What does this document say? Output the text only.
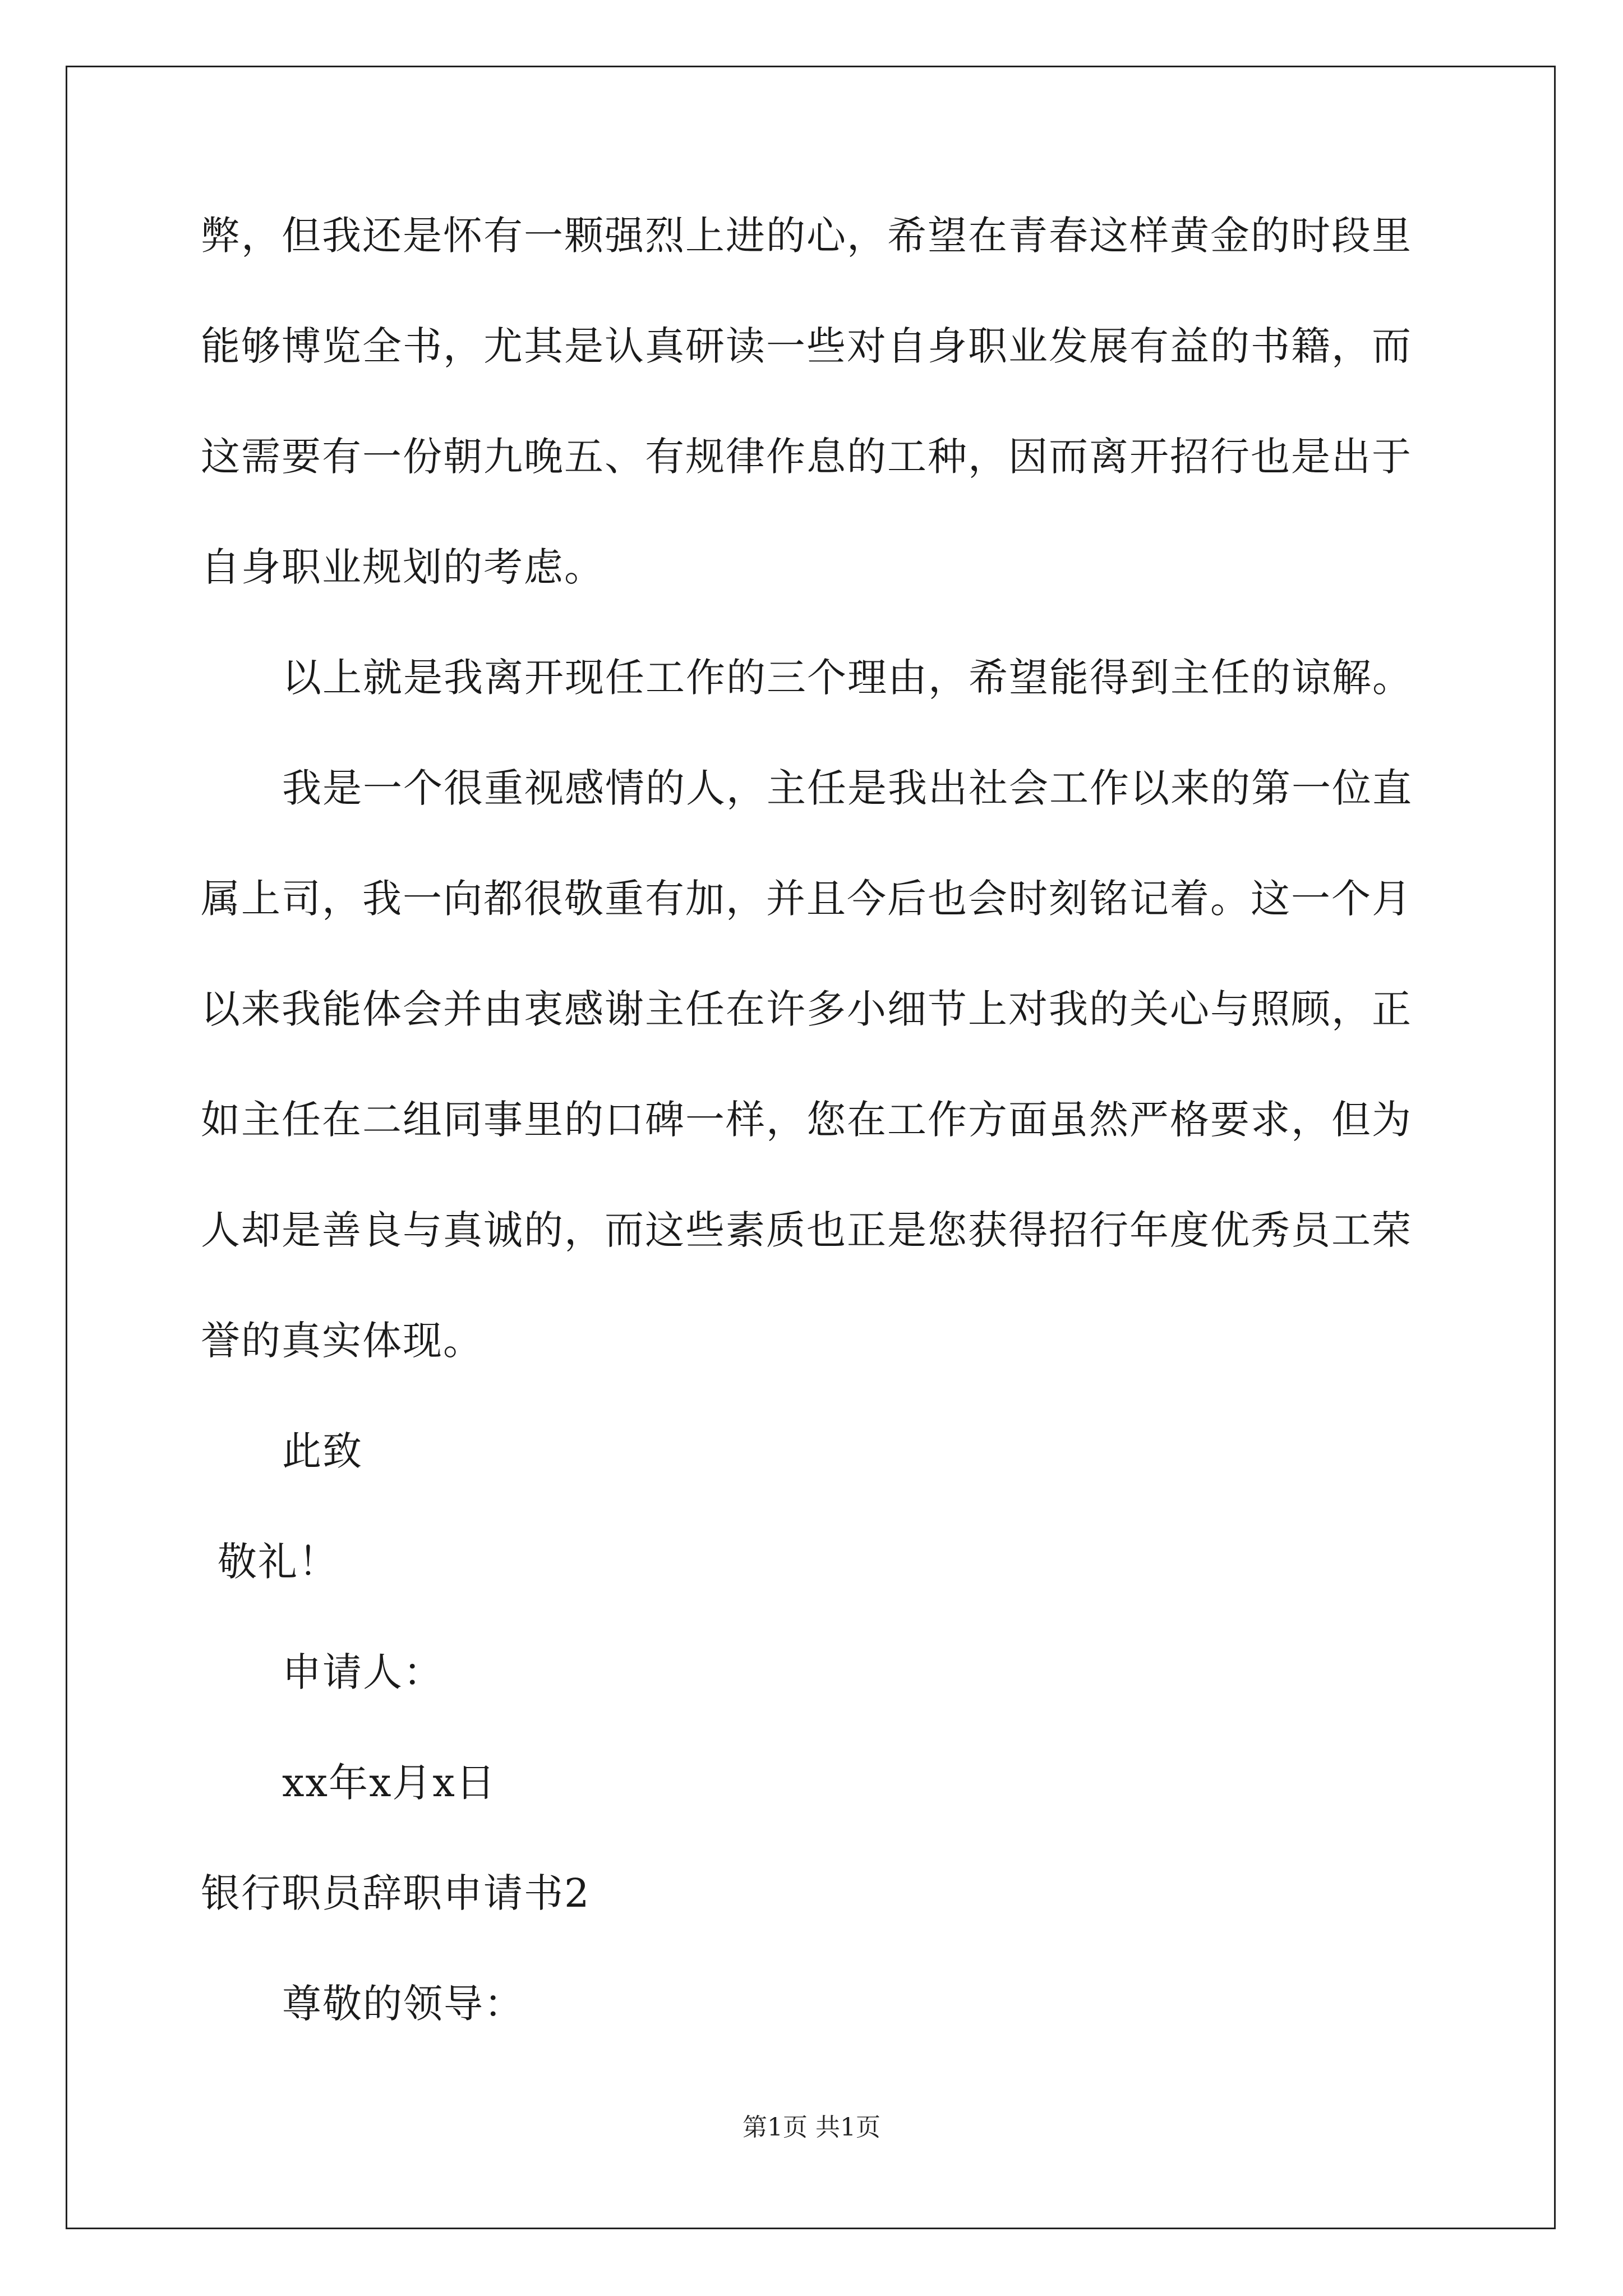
弊，但我还是怀有一颗强烈上进的心，希望在青春这样黄金的时段里
能够博览全书，尤其是认真研读一些对自身职业发展有益的书籍，而
这需要有一份朝九晚五、有规律作息的工种，因而离开招行也是出于
自身职业规划的考虑。
以上就是我离开现任工作的三个理由，希望能得到主任的谅解。
我是一个很重视感情的人，主任是我出社会工作以来的第一位直
属上司，我一向都很敬重有加，并且今后也会时刻铭记着。这一个月
以来我能体会并由衷感谢主任在许多小细节上对我的关心与照顾，正
如主任在二组同事里的口碑一样，您在工作方面虽然严格要求，但为
人却是善良与真诚的，而这些素质也正是您获得招行年度优秀员工荣
誉的真实体现。
此致
敬礼！
申请人：
xx年x月x日
银行职员辞职申请书2
尊敬的领导：
第1页 共1页
